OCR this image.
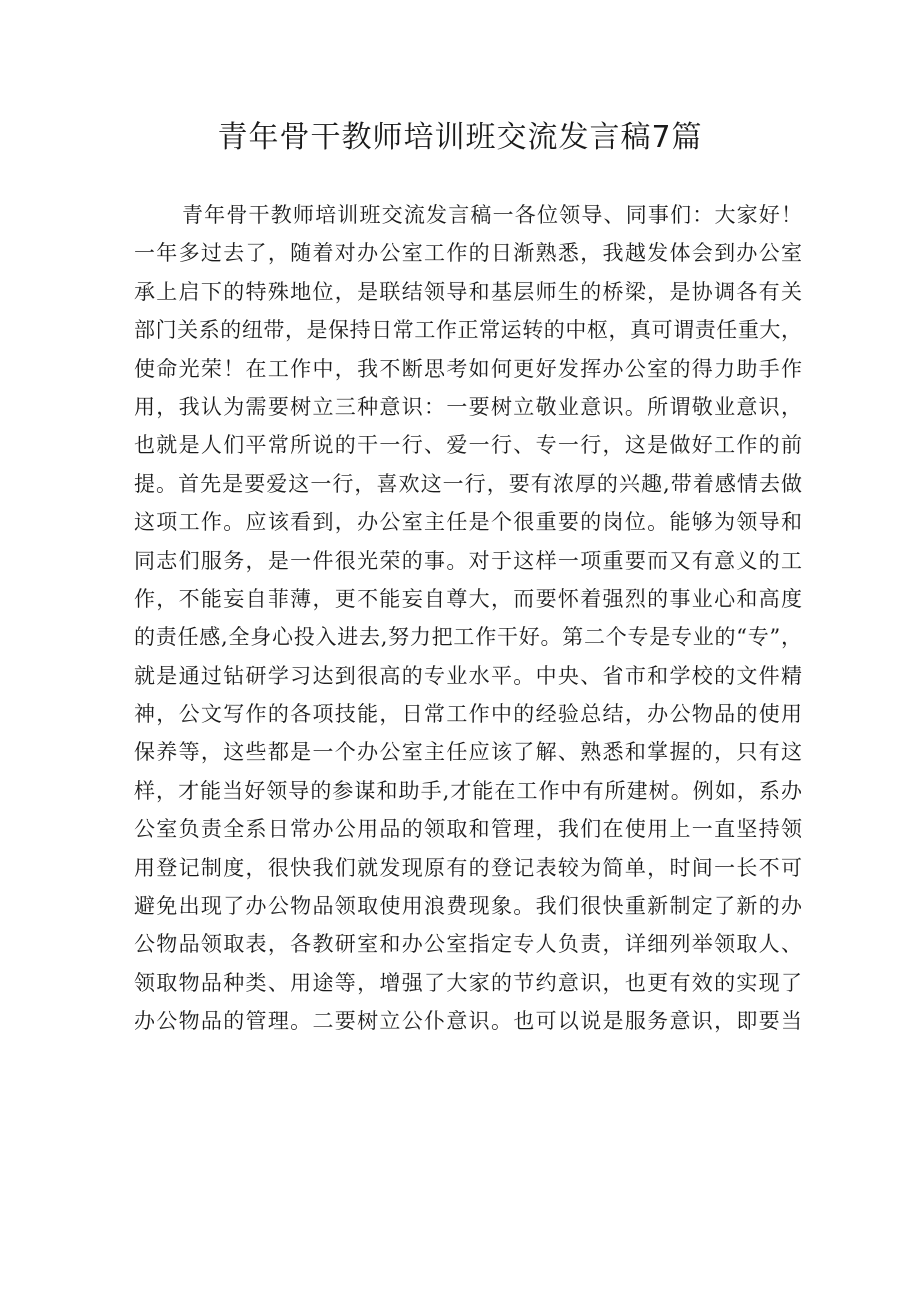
青年骨干教师培训班交流发言稿7篇
青年骨干教师培训班交流发言稿一各位领导、同事们：大家好！
一年多过去了，随着对办公室工作的日渐熟悉，我越发体会到办公室
承上启下的特殊地位，是联结领导和基层师生的桥梁，是协调各有关
部门关系的纽带，是保持日常工作正常运转的中枢，真可谓责任重大，
使命光荣！在工作中，我不断思考如何更好发挥办公室的得力助手作
用，我认为需要树立三种意识：一要树立敬业意识。所谓敬业意识，
也就是人们平常所说的干一行、爱一行、专一行，这是做好工作的前
提。首先是要爱这一行，喜欢这一行，要有浓厚的兴趣,带着感情去做
这项工作。应该看到，办公室主任是个很重要的岗位。能够为领导和
同志们服务，是一件很光荣的事。对于这样一项重要而又有意义的工
作，不能妄自菲薄，更不能妄自尊大，而要怀着强烈的事业心和高度
的责任感,全身心投入进去,努力把工作干好。第二个专是专业的“专”，
就是通过钻研学习达到很高的专业水平。中央、省市和学校的文件精
神，公文写作的各项技能，日常工作中的经验总结，办公物品的使用
保养等，这些都是一个办公室主任应该了解、熟悉和掌握的，只有这
样，才能当好领导的参谋和助手,才能在工作中有所建树。例如，系办
公室负责全系日常办公用品的领取和管理，我们在使用上一直坚持领
用登记制度，很快我们就发现原有的登记表较为简单，时间一长不可
避免出现了办公物品领取使用浪费现象。我们很快重新制定了新的办
公物品领取表，各教研室和办公室指定专人负责，详细列举领取人、
领取物品种类、用途等，增强了大家的节约意识，也更有效的实现了
办公物品的管理。二要树立公仆意识。也可以说是服务意识，即要当
